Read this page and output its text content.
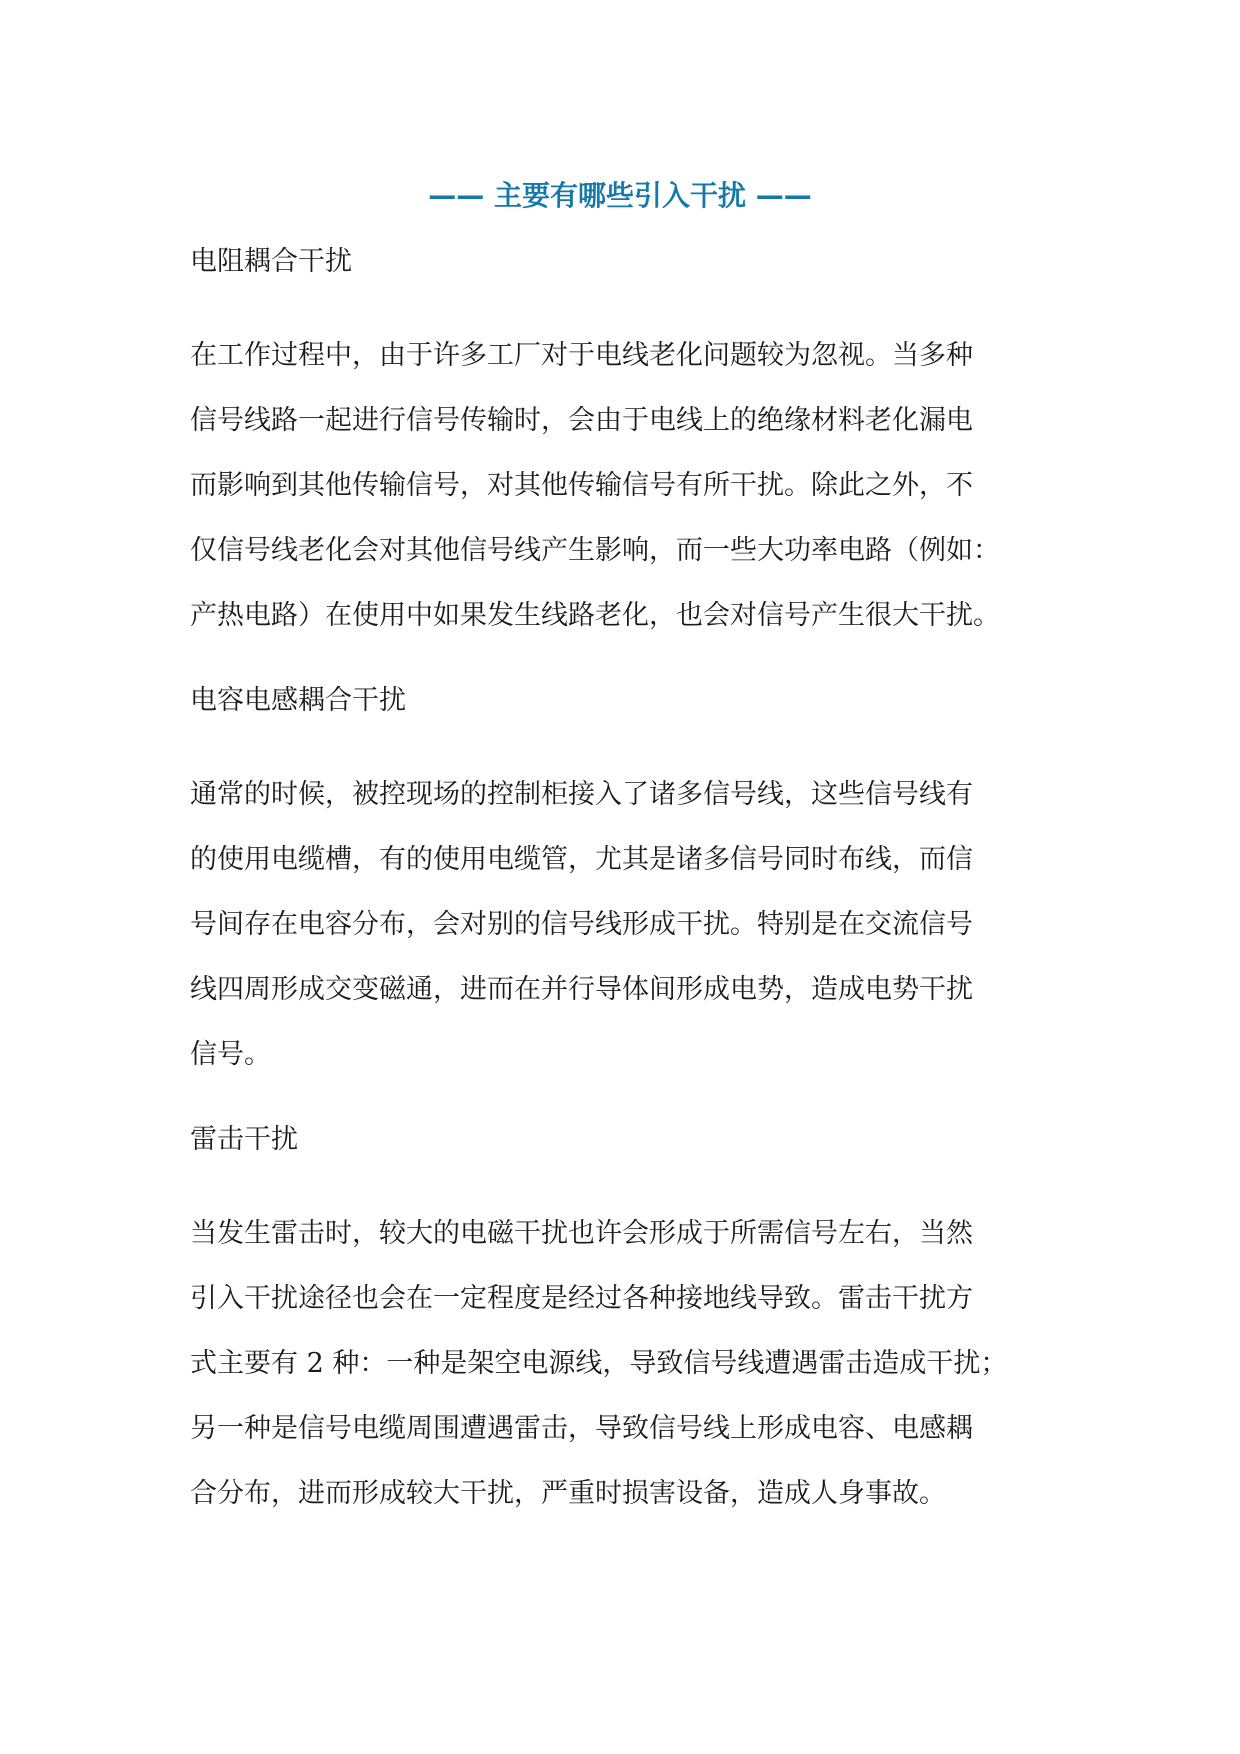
—— 主要有哪些引入干扰 ——
电阻耦合干扰

在工作过程中，由于许多工厂对于电线老化问题较为忽视。当多种
信号线路一起进行信号传输时，会由于电线上的绝缘材料老化漏电
而影响到其他传输信号，对其他传输信号有所干扰。除此之外，不
仅信号线老化会对其他信号线产生影响，而一些大功率电路（例如：
产热电路）在使用中如果发生线路老化，也会对信号产生很大干扰。

电容电感耦合干扰

通常的时候，被控现场的控制柜接入了诸多信号线，这些信号线有
的使用电缆槽，有的使用电缆管，尤其是诸多信号同时布线，而信
号间存在电容分布，会对别的信号线形成干扰。特别是在交流信号
线四周形成交变磁通，进而在并行导体间形成电势，造成电势干扰
信号。

雷击干扰

当发生雷击时，较大的电磁干扰也许会形成于所需信号左右，当然
引入干扰途径也会在一定程度是经过各种接地线导致。雷击干扰方
式主要有 2 种：一种是架空电源线，导致信号线遭遇雷击造成干扰；
另一种是信号电缆周围遭遇雷击，导致信号线上形成电容、电感耦
合分布，进而形成较大干扰，严重时损害设备，造成人身事故。
